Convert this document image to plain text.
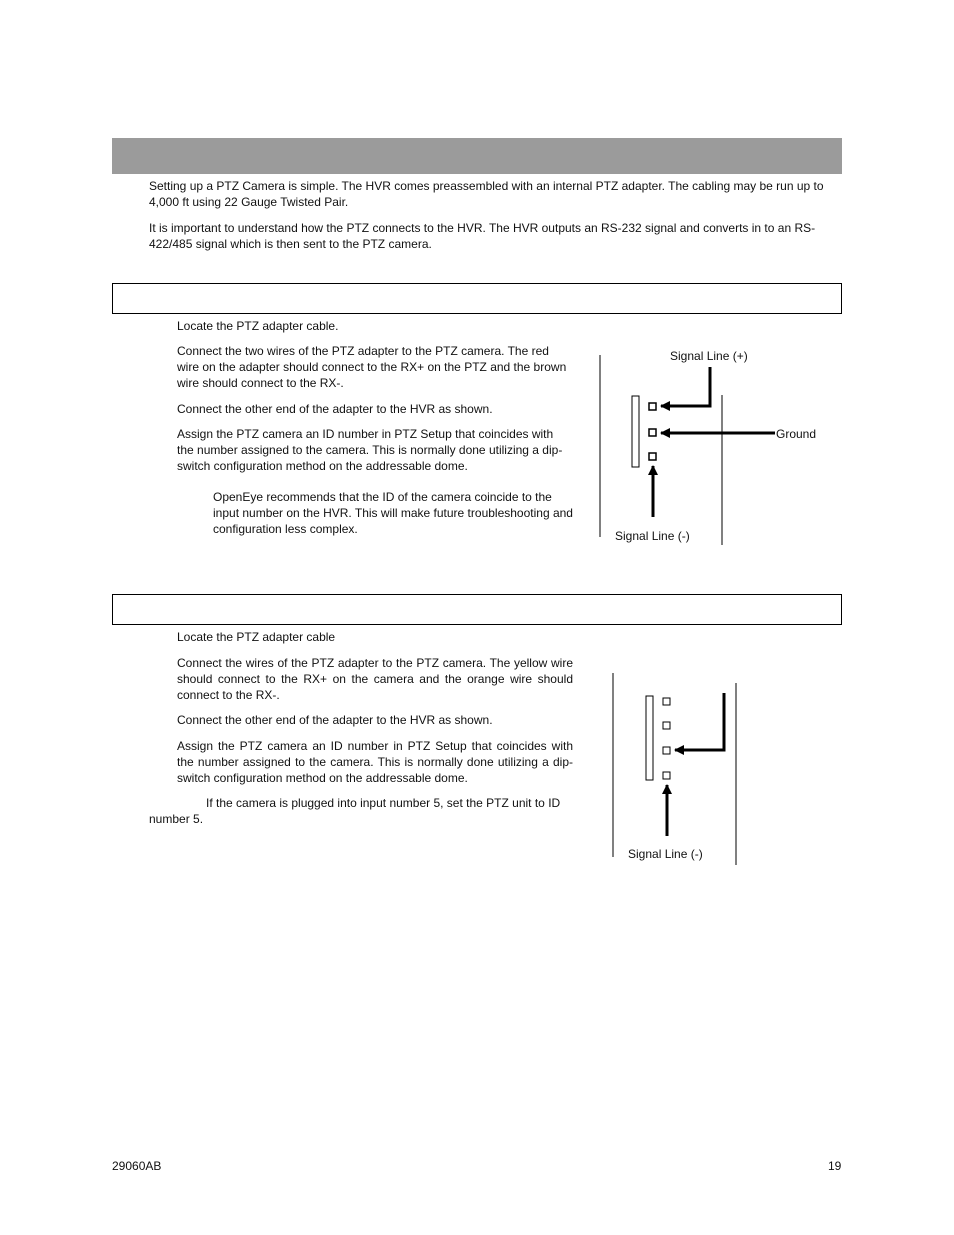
Setting up a PTZ Camera is simple. The HVR comes preassembled with an internal PTZ adapter. The cabling may be run up to 4,000 ft using 22 Gauge Twisted Pair.

It is important to understand how the PTZ connects to the HVR. The HVR outputs an RS-232 signal and converts in to an RS-422/485 signal which is then sent to the PTZ camera.

Locate the PTZ adapter cable.

Connect the two wires of the PTZ adapter to the PTZ camera. The red wire on the adapter should connect to the RX+ on the PTZ and the brown wire should connect to the RX-.

Connect the other end of the adapter to the HVR as shown.

Assign the PTZ camera an ID number in PTZ Setup that coincides with the number assigned to the camera. This is normally done utilizing a dip-switch configuration method on the addressable dome.

OpenEye recommends that the ID of the camera coincide to the input number on the HVR. This will make future troubleshooting and configuration less complex.

Signal Line (+)
Ground
Signal Line (-)

Locate the PTZ adapter cable

Connect the wires of the PTZ adapter to the PTZ camera. The yellow wire should connect to the RX+ on the camera and the orange wire should connect to the RX-.

Connect the other end of the adapter to the HVR as shown.

Assign the PTZ camera an ID number in PTZ Setup that coincides with the number assigned to the camera. This is normally done utilizing a dip-switch configuration method on the addressable dome.

If the camera is plugged into input number 5, set the PTZ unit to ID

number 5.

Signal Line (-)
29060AB	19
